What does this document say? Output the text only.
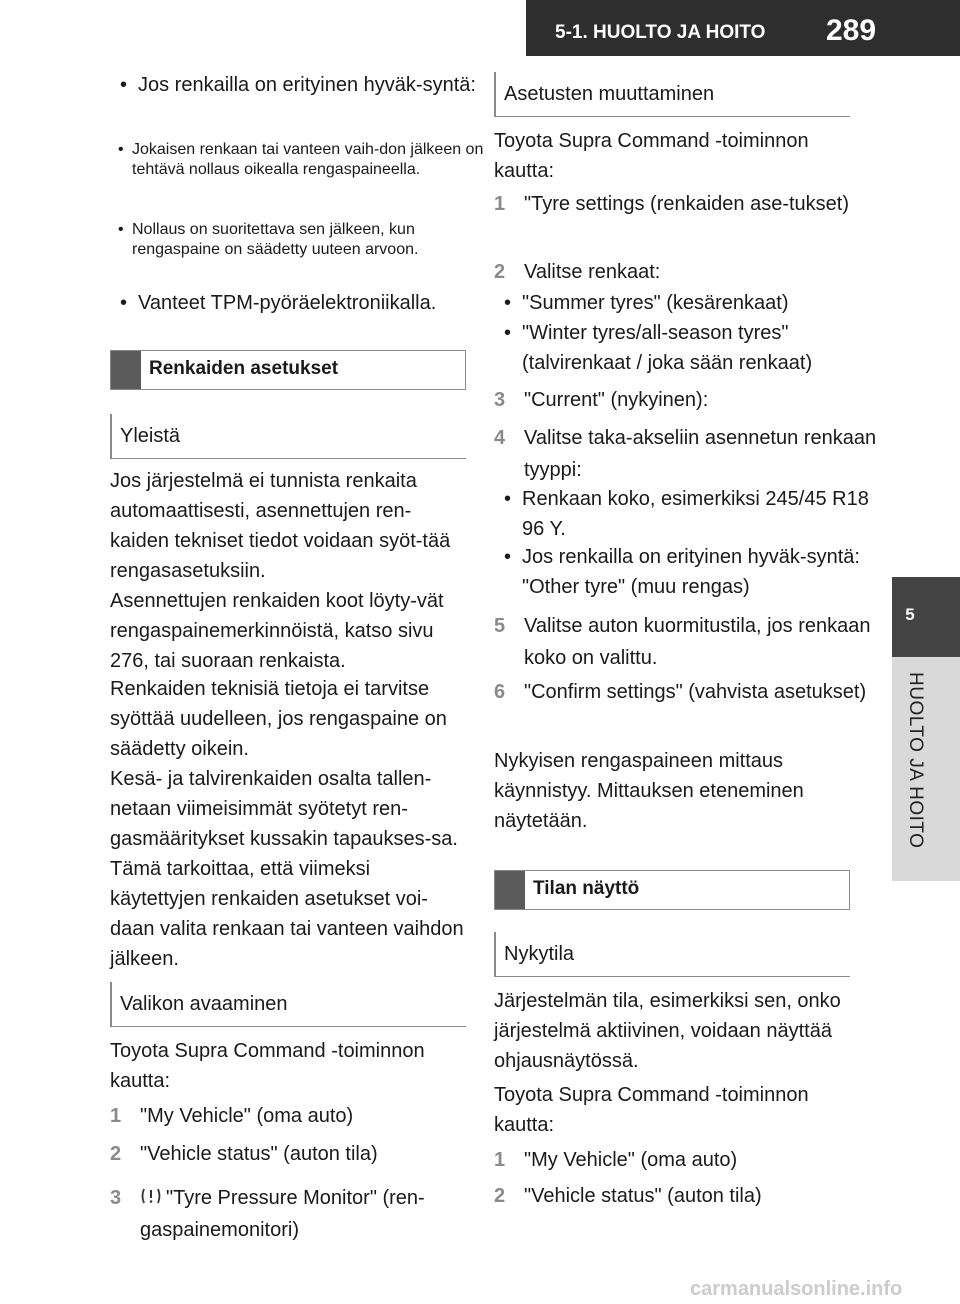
5-1. HUOLTO JA HOITO 289
5
HUOLTO JA HOITO
• Jos renkailla on erityinen hyväk-syntä:
• Jokaisen renkaan tai vanteen vaih-don jälkeen on tehtävä nollaus oikealla rengaspaineella.
• Nollaus on suoritettava sen jälkeen, kun rengaspaine on säädetty uuteen arvoon.
• Vanteet TPM-pyöräelektroniikalla.
Renkaiden asetukset
Yleistä

Jos järjestelmä ei tunnista renkaita automaattisesti, asennettujen ren-kaiden tekniset tiedot voidaan syöt-tää rengasasetuksiin.

Asennettujen renkaiden koot löyty-vät rengaspainemerkinnöistä, katso sivu 276, tai suoraan renkaista.

Renkaiden teknisiä tietoja ei tarvitse syöttää uudelleen, jos rengaspaine on säädetty oikein.

Kesä- ja talvirenkaiden osalta tallen-netaan viimeisimmät syötetyt ren-gasmääritykset kussakin tapaukses-sa. Tämä tarkoittaa, että viimeksi käytettyjen renkaiden asetukset voi-daan valita renkaan tai vanteen vaihdon jälkeen.

Valikon avaaminen

Toyota Supra Command -toiminnon kautta:

1 "My Vehicle" (oma auto)
2 "Vehicle status" (auton tila)
3 "Tyre Pressure Monitor" (ren-gaspainemonitori)
Asetusten muuttaminen

Toyota Supra Command -toiminnon kautta:

1 "Tyre settings (renkaiden ase-tukset)
2 Valitse renkaat:
• "Summer tyres" (kesärenkaat)
• "Winter tyres/all-season tyres" (talvirenkaat / joka sään renkaat)
3 "Current" (nykyinen):
4 Valitse taka-akseliin asennetun renkaan tyyppi:
• Renkaan koko, esimerkiksi 245/45 R18 96 Y.
• Jos renkailla on erityinen hyväk-syntä: "Other tyre" (muu rengas)
5 Valitse auton kuormitustila, jos renkaan koko on valittu.
6 "Confirm settings" (vahvista asetukset)

Nykyisen rengaspaineen mittaus käynnistyy. Mittauksen eteneminen näytetään.

Tilan näyttö
Nykytila

Järjestelmän tila, esimerkiksi sen, onko järjestelmä aktiivinen, voidaan näyttää ohjausnäytössä.

Toyota Supra Command -toiminnon kautta:

1 "My Vehicle" (oma auto)
2 "Vehicle status" (auton tila)
carmanualsonline.info
